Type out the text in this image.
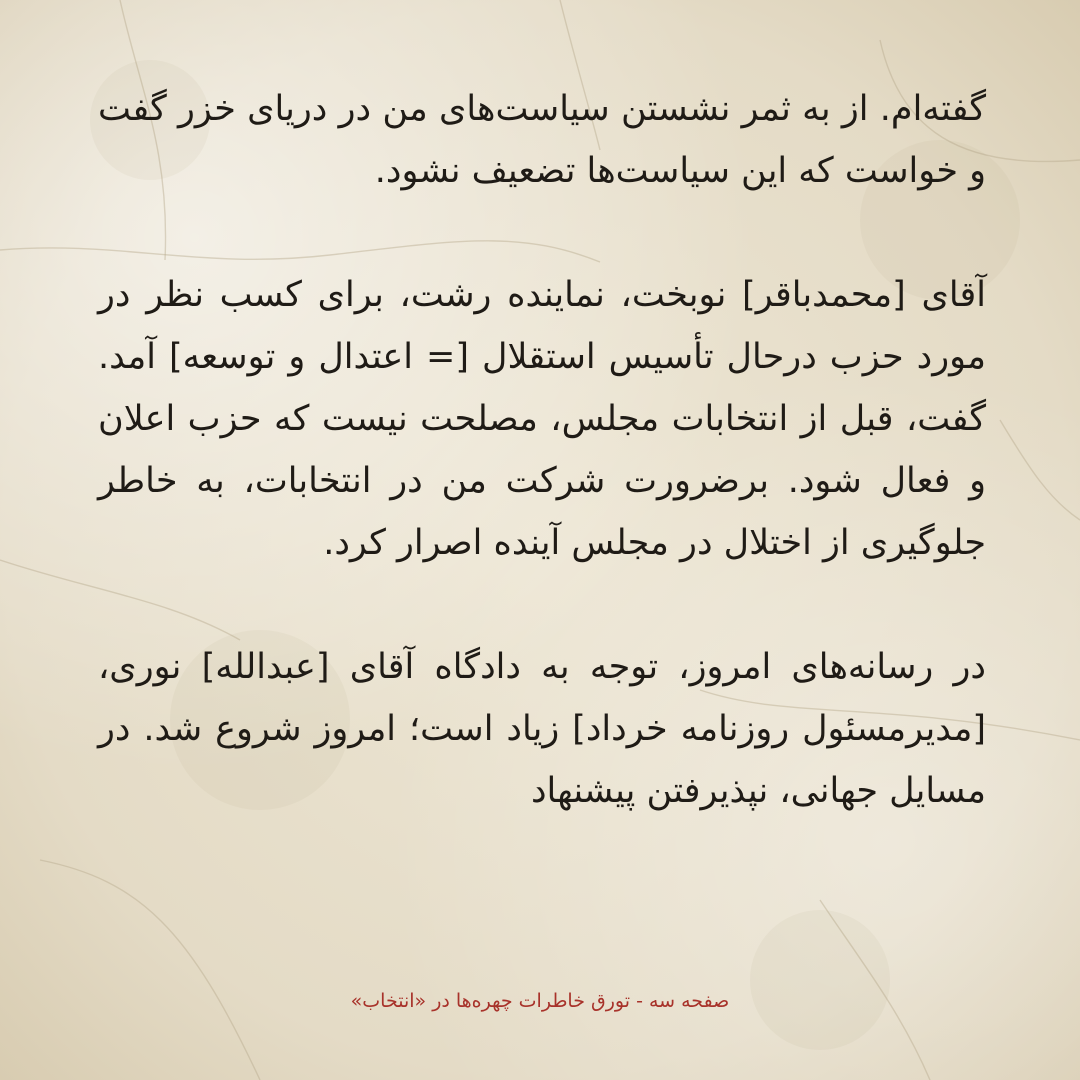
گفته‌ام. از به ثمر نشستن سیاست‌های من در دریای خزر گفت و خواست که این سیاست‌ها تضعیف نشود.

آقای [محمدباقر] نوبخت، نماینده رشت، برای کسب نظر در مورد حزب درحال تأسیس استقلال [= اعتدال و توسعه] آمد. گفت، قبل از انتخابات مجلس، مصلحت نیست که حزب اعلان و فعال شود. برضرورت شرکت من در انتخابات، به خاطر جلوگیری از اختلال در مجلس آینده اصرار کرد.

در رسانه‌های امروز، توجه به دادگاه آقای [عبدالله] نوری، [مدیرمسئول روزنامه خرداد] زیاد است؛ امروز شروع شد. در مسایل جهانی، نپذیرفتن پیشنهاد

صفحه سه - تورق خاطرات چهره‌ها در «انتخاب»
